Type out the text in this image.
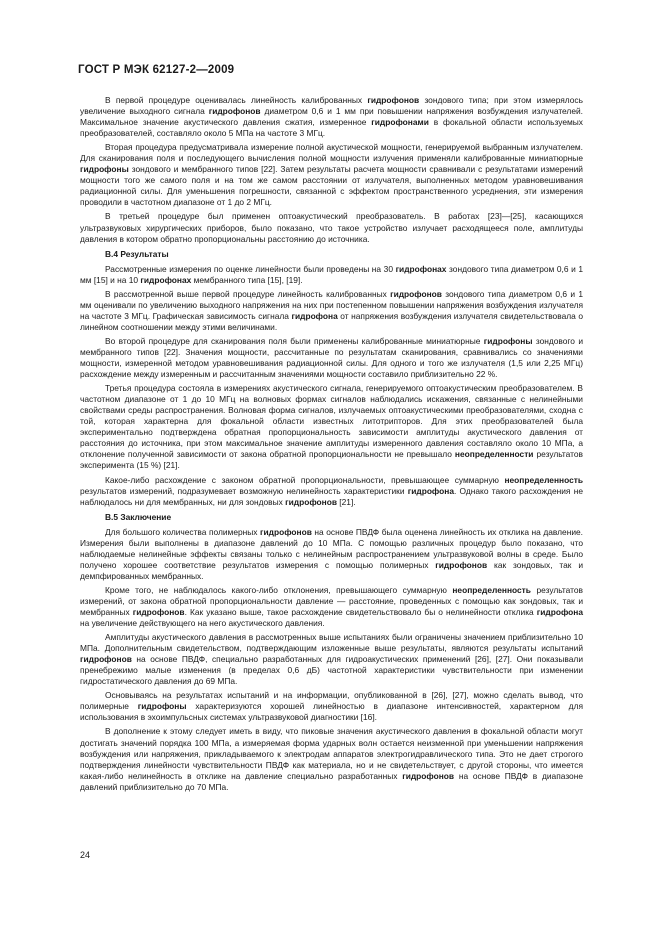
ГОСТ Р МЭК 62127-2—2009

В первой процедуре оценивалась линейность калиброванных гидрофонов зондового типа; при этом измерялось увеличение выходного сигнала гидрофонов диаметром 0,6 и 1 мм при повышении напряжения возбуждения излучателей. Максимальное значение акустического давления сжатия, измеренное гидрофонами в фокальной области используемых преобразователей, составляло около 5 МПа на частоте 3 МГц.

Вторая процедура предусматривала измерение полной акустической мощности, генерируемой выбранным излучателем. Для сканирования поля и последующего вычисления полной мощности излучения применяли калиброванные миниатюрные гидрофоны зондового и мембранного типов [22]. Затем результаты расчета мощности сравнивали с результатами измерений мощности того же самого поля и на том же самом расстоянии от излучателя, выполненных методом уравновешивания радиационной силы. Для уменьшения погрешности, связанной с эффектом пространственного усреднения, эти измерения проводили в частотном диапазоне от 1 до 2 МГц.

В третьей процедуре был применен оптоакустический преобразователь. В работах [23]—[25], касающихся ультразвуковых хирургических приборов, было показано, что такое устройство излучает расходящееся поле, амплитуды давления в котором обратно пропорциональны расстоянию до источника.

В.4 Результаты

Рассмотренные измерения по оценке линейности были проведены на 30 гидрофонах зондового типа диаметром 0,6 и 1 мм [15] и на 10 гидрофонах мембранного типа [15], [19].

В рассмотренной выше первой процедуре линейность калиброванных гидрофонов зондового типа диаметром 0,6 и 1 мм оценивали по увеличению выходного напряжения на них при постепенном повышении напряжения возбуждения излучателя на частоте 3 МГц. Графическая зависимость сигнала гидрофона от напряжения возбуждения излучателя свидетельствовала о линейном соотношении между этими величинами.

Во второй процедуре для сканирования поля были применены калиброванные миниатюрные гидрофоны зондового и мембранного типов [22]. Значения мощности, рассчитанные по результатам сканирования, сравнивались со значениями мощности, измеренной методом уравновешивания радиационной силы. Для одного и того же излучателя (1,5 или 2,25 МГц) расхождение между измеренным и рассчитанным значениями мощности составило приблизительно 22 %.

Третья процедура состояла в измерениях акустического сигнала, генерируемого оптоакустическим преобразователем. В частотном диапазоне от 1 до 10 МГц на волновых формах сигналов наблюдались искажения, связанные с нелинейными свойствами среды распространения. Волновая форма сигналов, излучаемых оптоакустическими преобразователями, сходна с той, которая характерна для фокальной области известных литотрипторов. Для этих преобразователей была экспериментально подтверждена обратная пропорциональность зависимости амплитуды акустического давления от расстояния до источника, при этом максимальное значение амплитуды измеренного давления составляло около 10 МПа, а отклонение полученной зависимости от закона обратной пропорциональности не превышало неопределенности результатов эксперимента (15 %) [21].

Какое-либо расхождение с законом обратной пропорциональности, превышающее суммарную неопределенность результатов измерений, подразумевает возможную нелинейность характеристики гидрофона. Однако такого расхождения не наблюдалось ни для мембранных, ни для зондовых гидрофонов [21].

В.5 Заключение

Для большого количества полимерных гидрофонов на основе ПВДФ была оценена линейность их отклика на давление. Измерения были выполнены в диапазоне давлений до 10 МПа. С помощью различных процедур было показано, что наблюдаемые нелинейные эффекты связаны только с нелинейным распространением ультразвуковой волны в среде. Было получено хорошее соответствие результатов измерения с помощью полимерных гидрофонов как зондовых, так и демпфированных мембранных.

Кроме того, не наблюдалось какого-либо отклонения, превышающего суммарную неопределенность результатов измерений, от закона обратной пропорциональности давление — расстояние, проведенных с помощью как зондовых, так и мембранных гидрофонов. Как указано выше, такое расхождение свидетельствовало бы о нелинейности отклика гидрофона на увеличение действующего на него акустического давления.

Амплитуды акустического давления в рассмотренных выше испытаниях были ограничены значением приблизительно 10 МПа. Дополнительным свидетельством, подтверждающим изложенные выше результаты, являются результаты испытаний гидрофонов на основе ПВДФ, специально разработанных для гидроакустических применений [26], [27]. Они показывали пренебрежимо малые изменения (в пределах 0,6 дБ) частотной характеристики чувствительности при изменении гидростатического давления до 69 МПа.

Основываясь на результатах испытаний и на информации, опубликованной в [26], [27], можно сделать вывод, что полимерные гидрофоны характеризуются хорошей линейностью в диапазоне интенсивностей, характерном для использования в эхоимпульсных системах ультразвуковой диагностики [16].

В дополнение к этому следует иметь в виду, что пиковые значения акустического давления в фокальной области могут достигать значений порядка 100 МПа, а измеряемая форма ударных волн остается неизменной при уменьшении напряжения возбуждения или напряжения, прикладываемого к электродам аппаратов электрогидравлического типа. Это не дает строгого подтверждения линейности чувствительности ПВДФ как материала, но и не свидетельствует, с другой стороны, что имеется какая-либо нелинейность в отклике на давление специально разработанных гидрофонов на основе ПВДФ в диапазоне давлений приблизительно до 70 МПа.

24
